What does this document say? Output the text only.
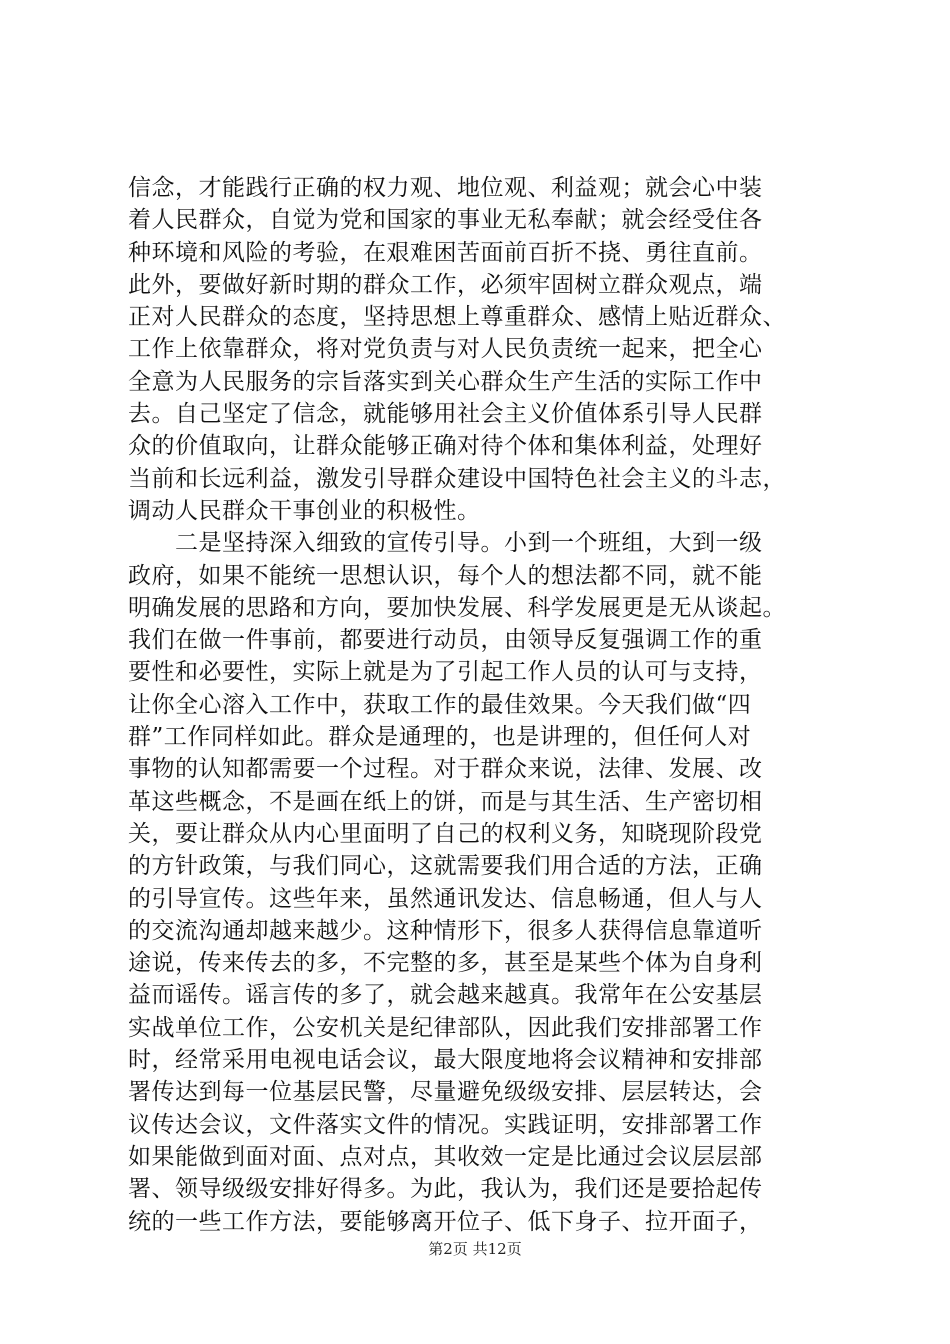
信念，才能践行正确的权力观、地位观、利益观；就会心中装
着人民群众，自觉为党和国家的事业无私奉献；就会经受住各
种环境和风险的考验，在艰难困苦面前百折不挠、勇往直前。
此外，要做好新时期的群众工作，必须牢固树立群众观点，端
正对人民群众的态度，坚持思想上尊重群众、感情上贴近群众、
工作上依靠群众，将对党负责与对人民负责统一起来，把全心
全意为人民服务的宗旨落实到关心群众生产生活的实际工作中
去。自己坚定了信念，就能够用社会主义价值体系引导人民群
众的价值取向，让群众能够正确对待个体和集体利益，处理好
当前和长远利益，激发引导群众建设中国特色社会主义的斗志，
调动人民群众干事创业的积极性。
　　二是坚持深入细致的宣传引导。小到一个班组，大到一级
政府，如果不能统一思想认识，每个人的想法都不同，就不能
明确发展的思路和方向，要加快发展、科学发展更是无从谈起。
我们在做一件事前，都要进行动员，由领导反复强调工作的重
要性和必要性，实际上就是为了引起工作人员的认可与支持，
让你全心溶入工作中，获取工作的最佳效果。今天我们做“四
群”工作同样如此。群众是通理的，也是讲理的，但任何人对
事物的认知都需要一个过程。对于群众来说，法律、发展、改
革这些概念，不是画在纸上的饼，而是与其生活、生产密切相
关，要让群众从内心里面明了自己的权利义务，知晓现阶段党
的方针政策，与我们同心，这就需要我们用合适的方法，正确
的引导宣传。这些年来，虽然通讯发达、信息畅通，但人与人
的交流沟通却越来越少。这种情形下，很多人获得信息靠道听
途说，传来传去的多，不完整的多，甚至是某些个体为自身利
益而谣传。谣言传的多了，就会越来越真。我常年在公安基层
实战单位工作，公安机关是纪律部队，因此我们安排部署工作
时，经常采用电视电话会议，最大限度地将会议精神和安排部
署传达到每一位基层民警，尽量避免级级安排、层层转达，会
议传达会议，文件落实文件的情况。实践证明，安排部署工作
如果能做到面对面、点对点，其收效一定是比通过会议层层部
署、领导级级安排好得多。为此，我认为，我们还是要拾起传
统的一些工作方法，要能够离开位子、低下身子、拉开面子，
第2页 共12页
